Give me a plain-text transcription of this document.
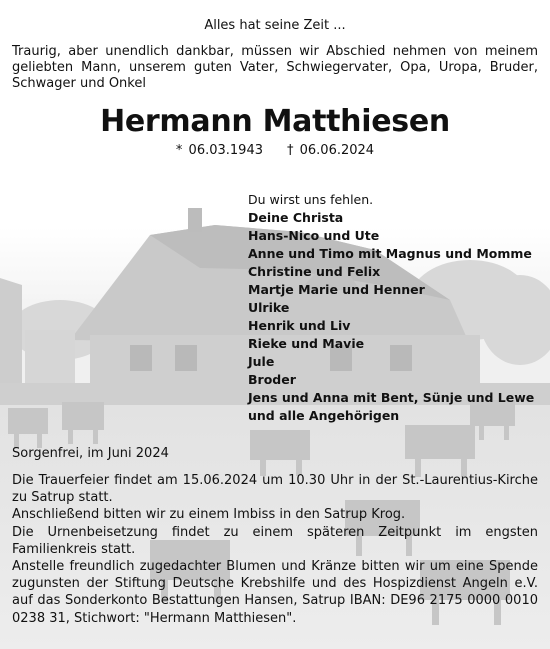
Alles hat seine Zeit ...
Traurig, aber unendlich dankbar, müssen wir Abschied nehmen von meinem geliebten Mann, unserem guten Vater, Schwiegervater, Opa, Uropa, Bruder, Schwager und Onkel
Hermann Matthiesen
* 06.03.1943 † 06.06.2024
Du wirst uns fehlen.
Deine Christa
Hans-Nico und Ute
Anne und Timo mit Magnus und Momme
Christine und Felix
Martje Marie und Henner
Ulrike
Henrik und Liv
Rieke und Mavie
Jule
Broder
Jens und Anna mit Bent, Sünje und Lewe
und alle Angehörigen
Sorgenfrei, im Juni 2024

Die Trauerfeier findet am 15.06.2024 um 10.30 Uhr in der St.-Laurentius-Kirche zu Satrup statt.

Anschließend bitten wir zu einem Imbiss in den Satrup Krog.

Die Urnenbeisetzung findet zu einem späteren Zeitpunkt im engsten Familienkreis statt.

Anstelle freundlich zugedachter Blumen und Kränze bitten wir um eine Spende zugunsten der Stiftung Deutsche Krebshilfe und des Hospizdienst Angeln e.V. auf das Sonderkonto Bestattungen Hansen, Satrup IBAN: DE96 2175 0000 0010 0238 31, Stichwort: "Hermann Matthiesen".
